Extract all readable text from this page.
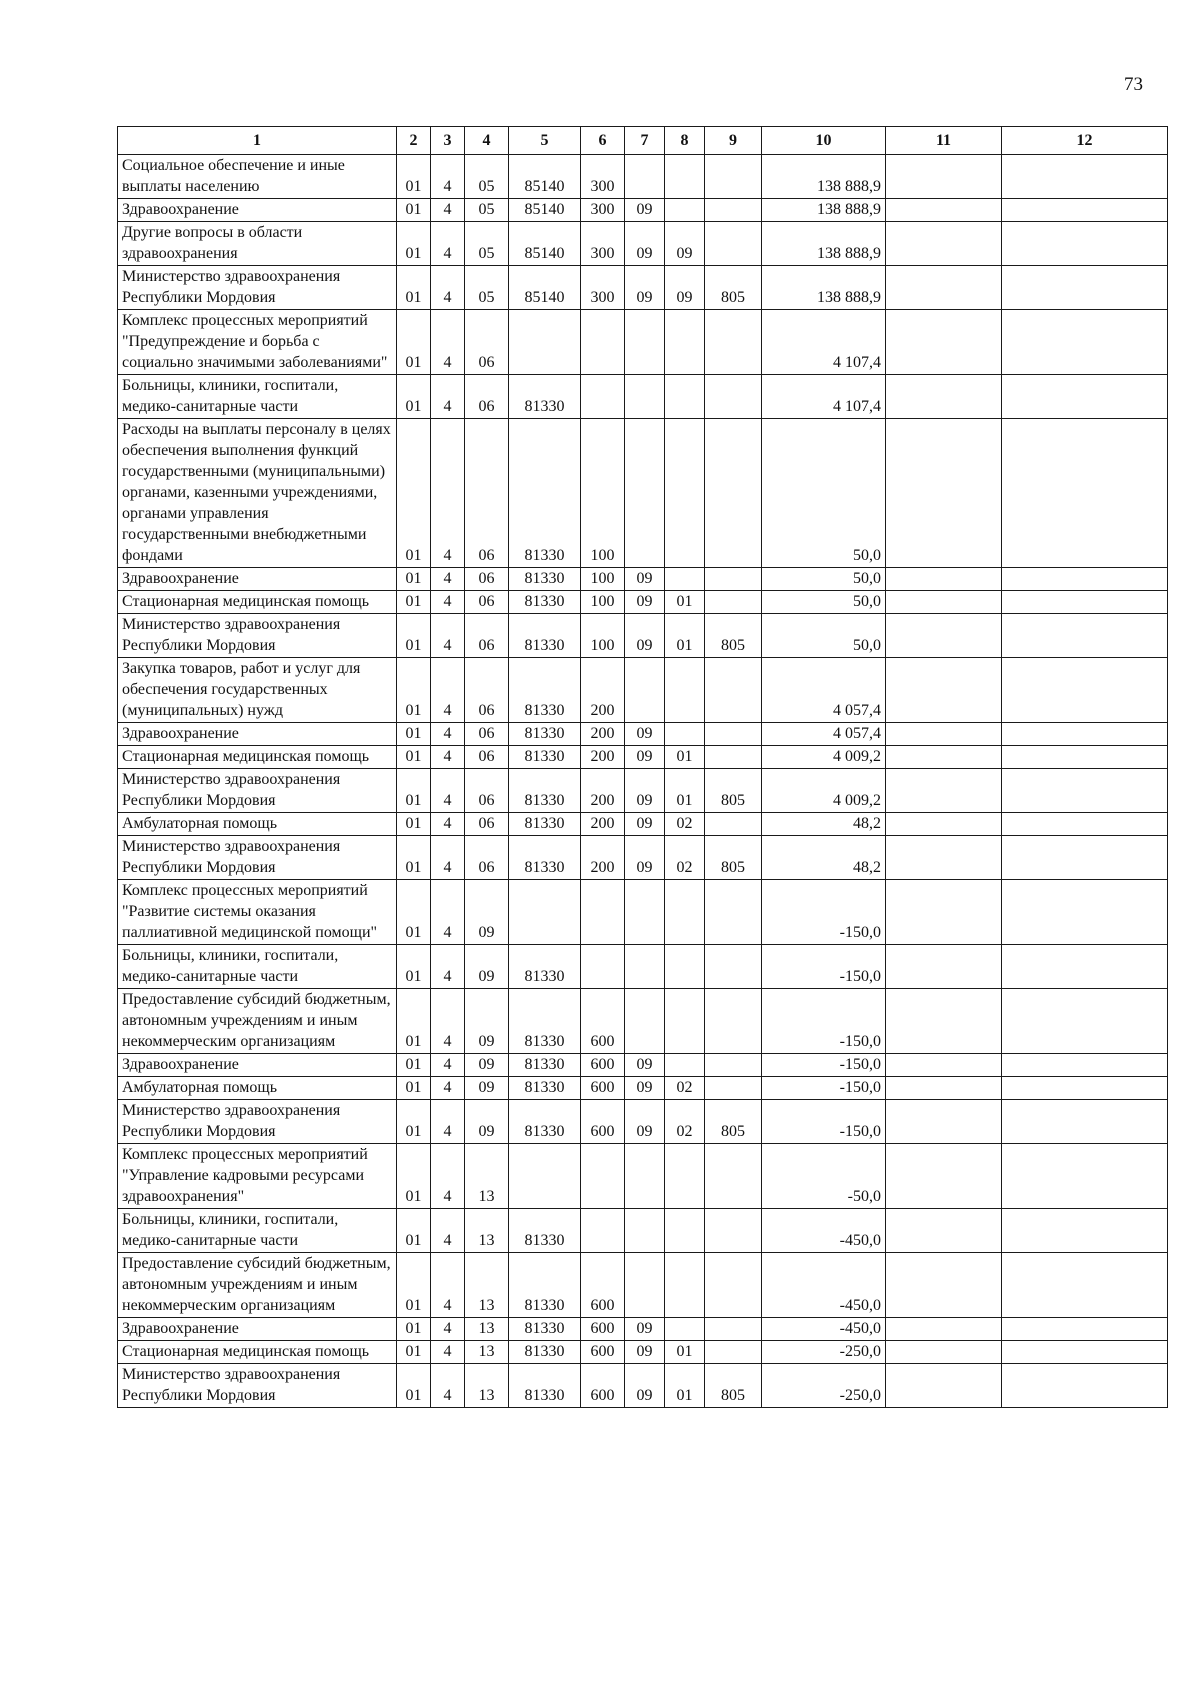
73
1	2	3	4	5	6	7	8	9	10	11	12
Социальное обеспечение и иные выплаты населению	01	4	05	85140	300				138 888,9		
Здравоохранение	01	4	05	85140	300	09			138 888,9		
Другие вопросы в области здравоохранения	01	4	05	85140	300	09	09		138 888,9		
Министерство здравоохранения Республики Мордовия	01	4	05	85140	300	09	09	805	138 888,9		
Комплекс процессных мероприятий "Предупреждение и борьба с социально значимыми заболеваниями"	01	4	06						4 107,4		
Больницы, клиники, госпитали, медико-санитарные части	01	4	06	81330					4 107,4		
Расходы на выплаты персоналу в целях обеспечения выполнения функций государственными (муниципальными) органами, казенными учреждениями, органами управления государственными внебюджетными фондами	01	4	06	81330	100				50,0		
Здравоохранение	01	4	06	81330	100	09			50,0		
Стационарная медицинская помощь	01	4	06	81330	100	09	01		50,0		
Министерство здравоохранения Республики Мордовия	01	4	06	81330	100	09	01	805	50,0		
Закупка товаров, работ и услуг для обеспечения государственных (муниципальных) нужд	01	4	06	81330	200				4 057,4		
Здравоохранение	01	4	06	81330	200	09			4 057,4		
Стационарная медицинская помощь	01	4	06	81330	200	09	01		4 009,2		
Министерство здравоохранения Республики Мордовия	01	4	06	81330	200	09	01	805	4 009,2		
Амбулаторная помощь	01	4	06	81330	200	09	02		48,2		
Министерство здравоохранения Республики Мордовия	01	4	06	81330	200	09	02	805	48,2		
Комплекс процессных мероприятий "Развитие системы оказания паллиативной медицинской помощи"	01	4	09						-150,0		
Больницы, клиники, госпитали, медико-санитарные части	01	4	09	81330					-150,0		
Предоставление субсидий бюджетным, автономным учреждениям и иным некоммерческим организациям	01	4	09	81330	600				-150,0		
Здравоохранение	01	4	09	81330	600	09			-150,0		
Амбулаторная помощь	01	4	09	81330	600	09	02		-150,0		
Министерство здравоохранения Республики Мордовия	01	4	09	81330	600	09	02	805	-150,0		
Комплекс процессных мероприятий "Управление кадровыми ресурсами здравоохранения"	01	4	13						-50,0		
Больницы, клиники, госпитали, медико-санитарные части	01	4	13	81330					-450,0		
Предоставление субсидий бюджетным, автономным учреждениям и иным некоммерческим организациям	01	4	13	81330	600				-450,0		
Здравоохранение	01	4	13	81330	600	09			-450,0		
Стационарная медицинская помощь	01	4	13	81330	600	09	01		-250,0		
Министерство здравоохранения Республики Мордовия	01	4	13	81330	600	09	01	805	-250,0		
